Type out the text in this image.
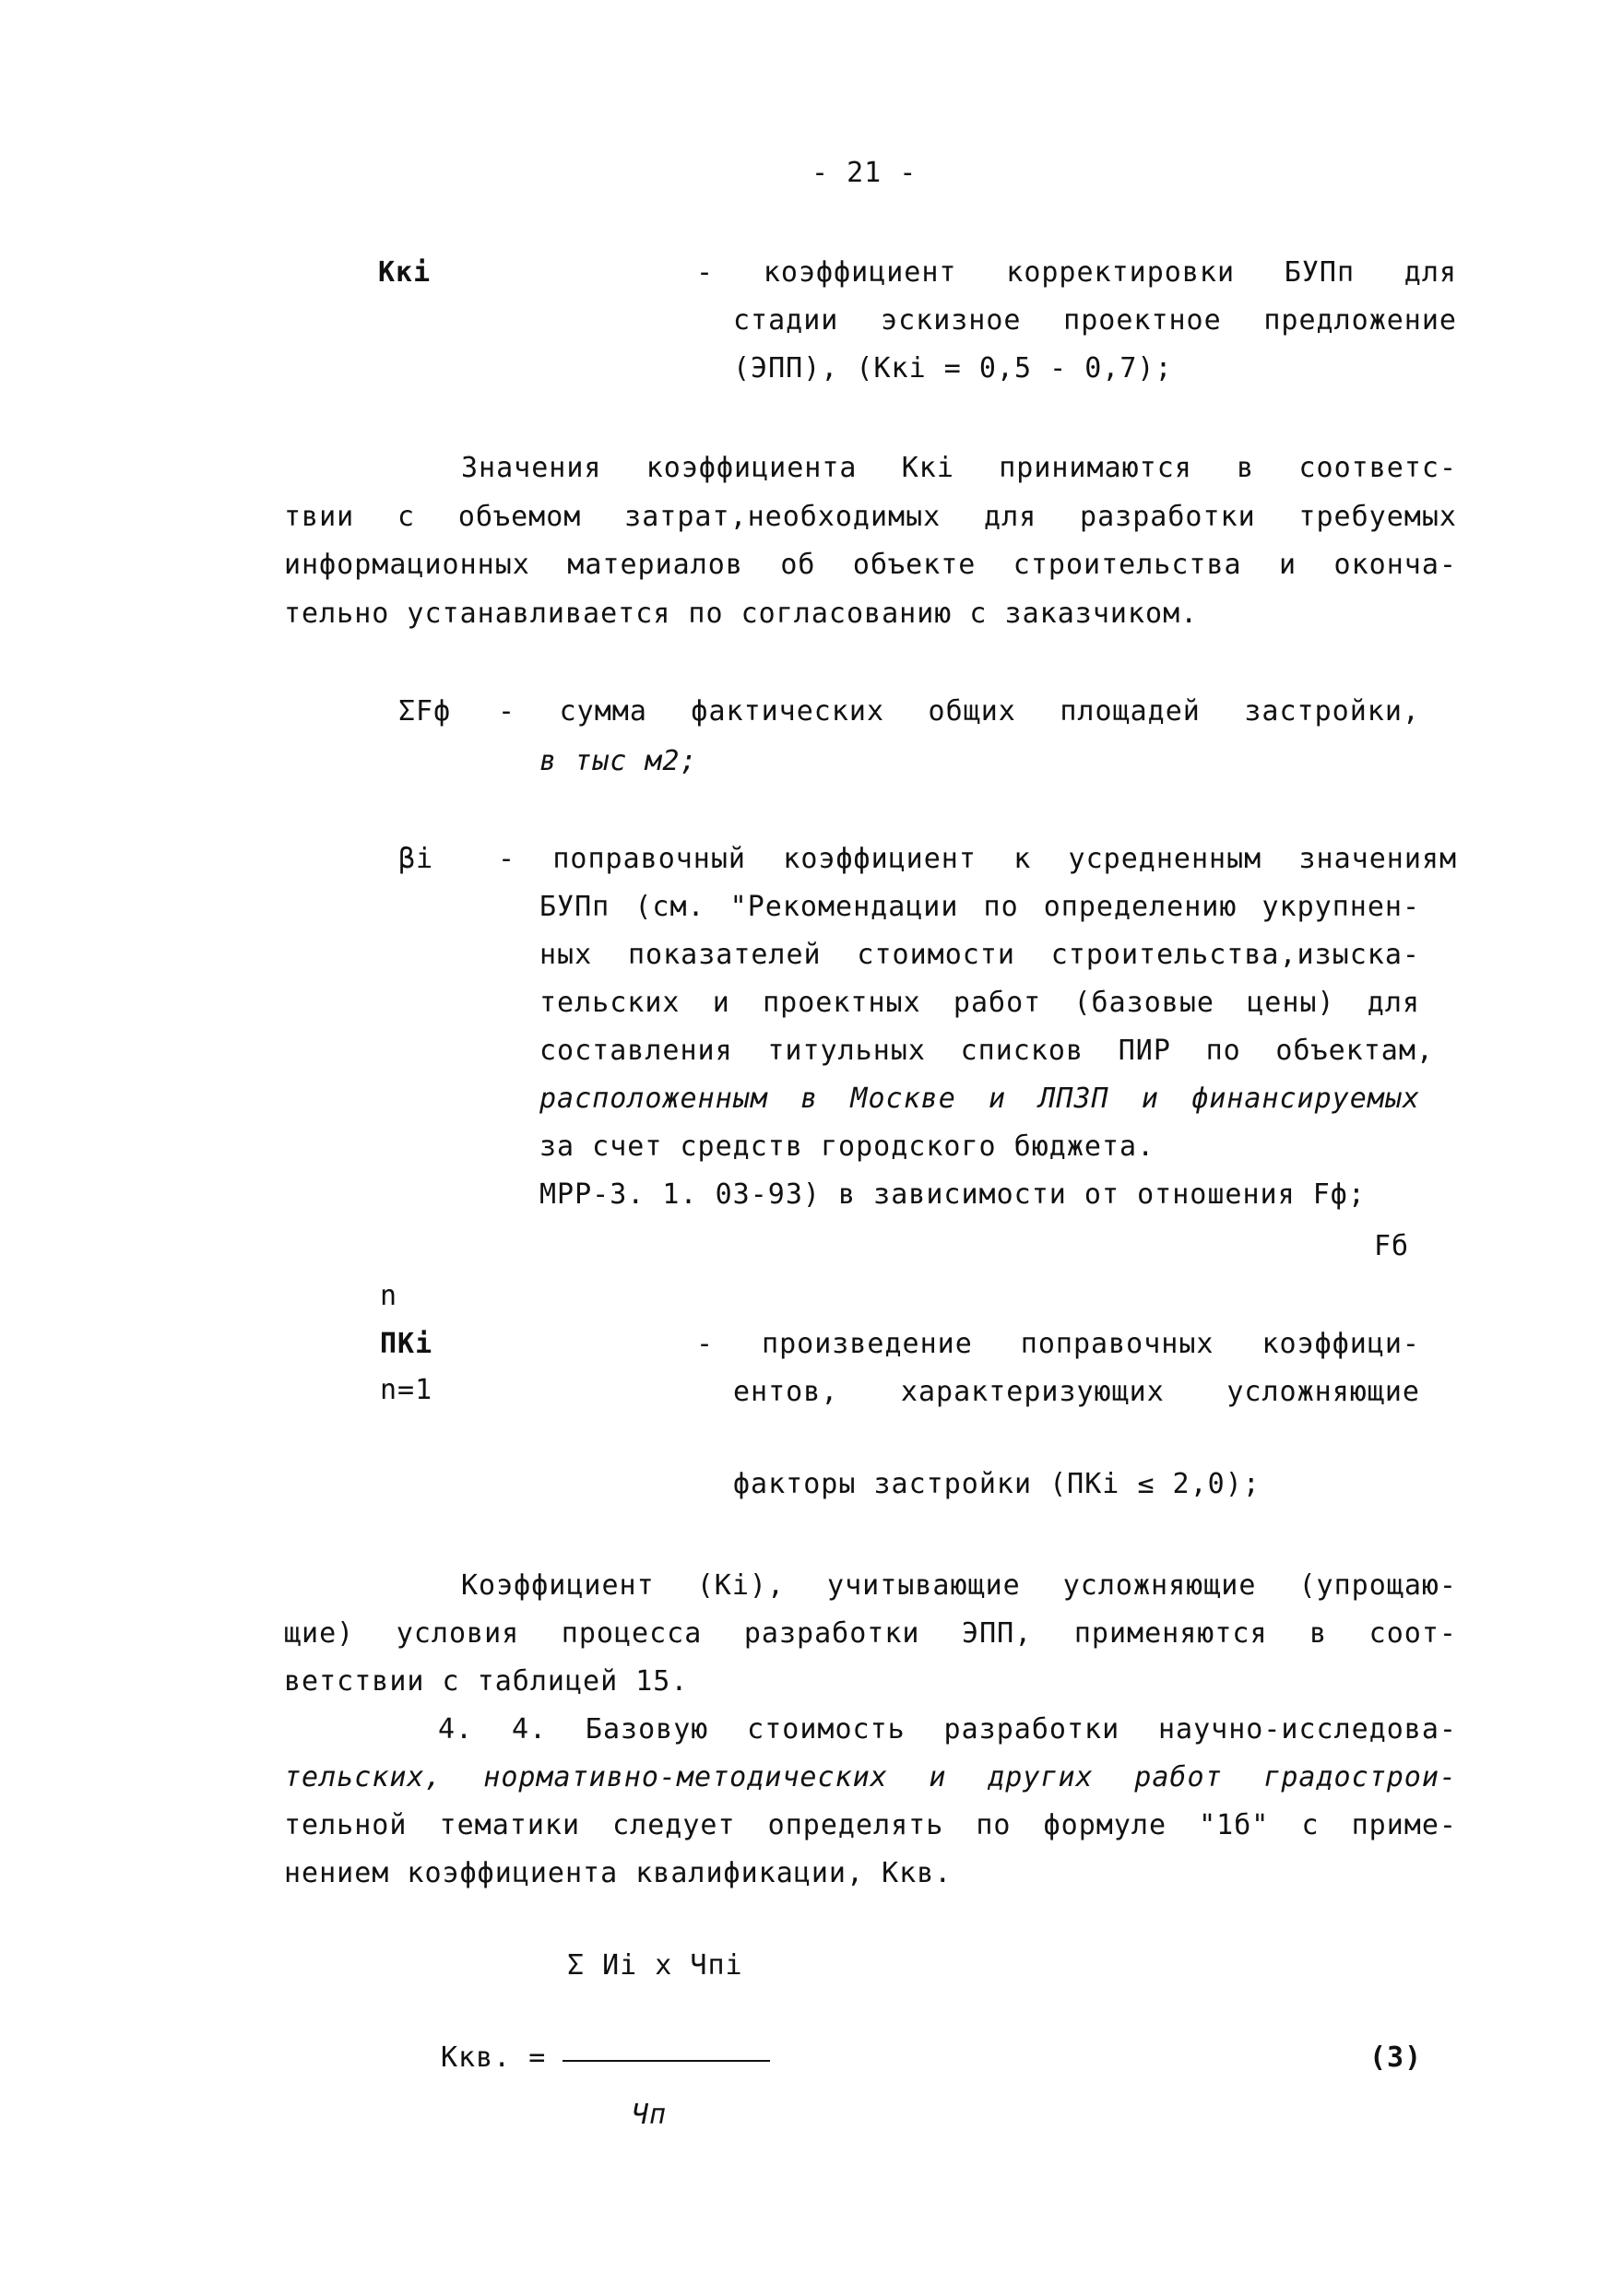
- 21 -
Kкi	- коэффициент корректировки БУПп для
стадии эскизное проектное предложение
(ЭПП), (Kкi = 0,5 - 0,7);
Значения коэффициента Kкi принимаются в соответс-
твии с объемом затрат,необходимых для разработки требуемых
информационных материалов об объекте строительства и оконча-
тельно устанавливается по согласованию с заказчиком.
ΣFф - сумма фактических общих площадей застройки,
в тыс м2;
βi - поправочный коэффициент к усредненным значениям
БУПп (см. "Рекомендации по определению укрупнен-
ных показателей стоимости строительства,изыска-
тельских и проектных работ (базовые цены) для
составления титульных списков ПИР по объектам,
расположенным в Москве и ЛПЗП и финансируемых
за счет средств городского бюджета.
МРР-3. 1. 03-93) в зависимости от отношения Fф;
Fб
n
ПKi
n=1
- произведение поправочных коэффици-
ентов, характеризующих усложняющие
факторы застройки (ПKi ≤ 2,0);
Коэффициент (Ki), учитывающие усложняющие (упрощаю-
щие) условия процесса разработки ЭПП, применяются в соот-
ветствии с таблицей 15.
4. 4. Базовую стоимость разработки научно-исследова-
тельских, нормативно-методических и других работ градострои-
тельной тематики следует определять по формуле "1б" с приме-
нением коэффициента квалификации, Kкв.
Σ Иi x Чпi
Kкв. =	(3)
Чп
